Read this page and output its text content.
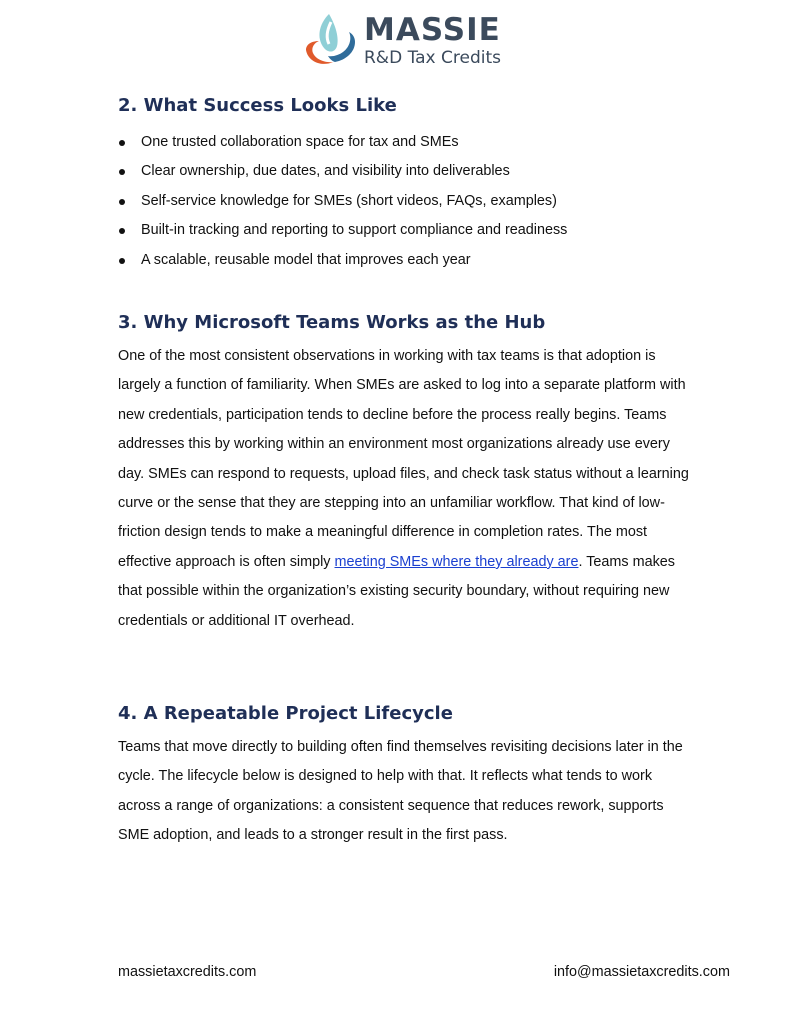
MASSIE
R&D Tax Credits
2. What Success Looks Like
One trusted collaboration space for tax and SMEs
Clear ownership, due dates, and visibility into deliverables
Self-service knowledge for SMEs (short videos, FAQs, examples)
Built-in tracking and reporting to support compliance and readiness
A scalable, reusable model that improves each year
3. Why Microsoft Teams Works as the Hub

One of the most consistent observations in working with tax teams is that adoption is largely a function of familiarity. When SMEs are asked to log into a separate platform with new credentials, participation tends to decline before the process really begins. Teams addresses this by working within an environment most organizations already use every day. SMEs can respond to requests, upload files, and check task status without a learning curve or the sense that they are stepping into an unfamiliar workflow. That kind of low-friction design tends to make a meaningful difference in completion rates. The most effective approach is often simply meeting SMEs where they already are. Teams makes that possible within the organization’s existing security boundary, without requiring new credentials or additional IT overhead.

4. A Repeatable Project Lifecycle

Teams that move directly to building often find themselves revisiting decisions later in the cycle. The lifecycle below is designed to help with that. It reflects what tends to work across a range of organizations: a consistent sequence that reduces rework, supports SME adoption, and leads to a stronger result in the first pass.

massietaxcredits.com	info@massietaxcredits.com
